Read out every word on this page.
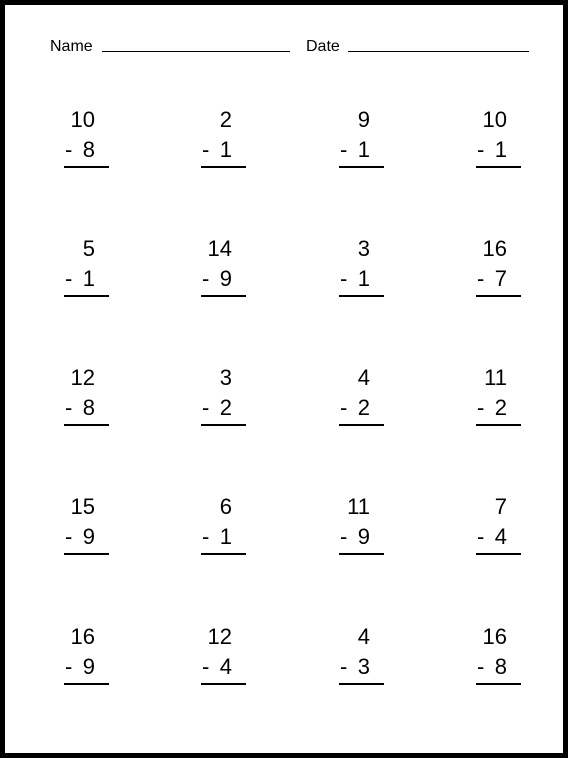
Name	Date
10
- 8
2
- 1
9
- 1
10
- 1
5
- 1
14
- 9
3
- 1
16
- 7
12
- 8
3
- 2
4
- 2
11
- 2
15
- 9
6
- 1
11
- 9
7
- 4
16
- 9
12
- 4
4
- 3
16
- 8
